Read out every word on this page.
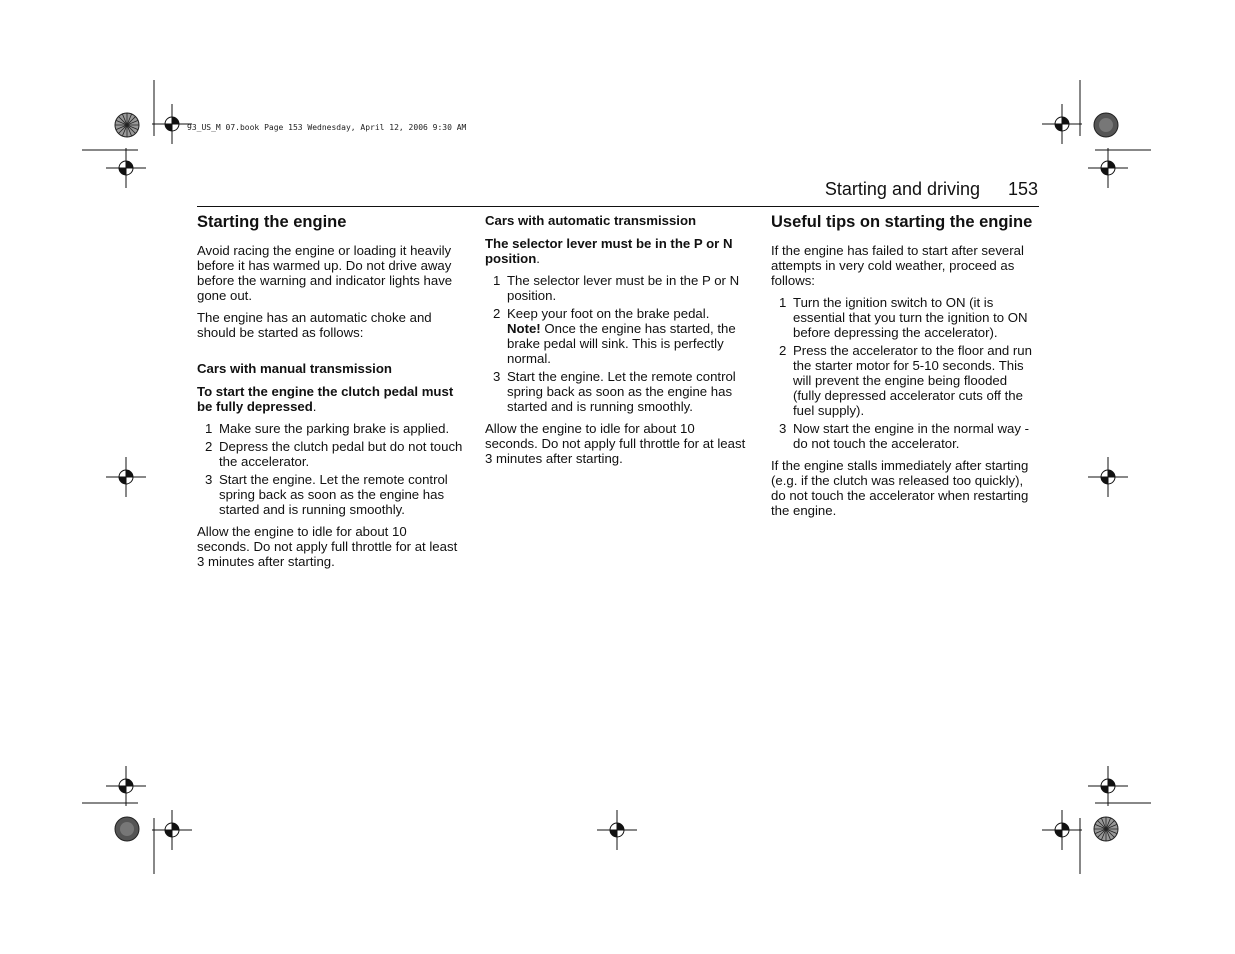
93_US_M 07.book Page 153 Wednesday, April 12, 2006 9:30 AM
Starting and driving 153
Starting the engine

Avoid racing the engine or loading it heavily before it has warmed up. Do not drive away before the warning and indicator lights have gone out.

The engine has an automatic choke and should be started as follows:

Cars with manual transmission

To start the engine the clutch pedal must be fully depressed.

1 Make sure the parking brake is applied.
2 Depress the clutch pedal but do not touch the accelerator.
3 Start the engine. Let the remote control spring back as soon as the engine has started and is running smoothly.

Allow the engine to idle for about 10 seconds. Do not apply full throttle for at least 3 minutes after starting.

Cars with automatic transmission

The selector lever must be in the P or N position.

1 The selector lever must be in the P or N position.
2 Keep your foot on the brake pedal.
Note! Once the engine has started, the brake pedal will sink. This is perfectly normal.
3 Start the engine. Let the remote control spring back as soon as the engine has started and is running smoothly.

Allow the engine to idle for about 10 seconds. Do not apply full throttle for at least 3 minutes after starting.

Useful tips on starting the engine

If the engine has failed to start after several attempts in very cold weather, proceed as follows:

1 Turn the ignition switch to ON (it is essential that you turn the ignition to ON before depressing the accelerator).
2 Press the accelerator to the floor and run the starter motor for 5-10 seconds. This will prevent the engine being flooded (fully depressed accelerator cuts off the fuel supply).
3 Now start the engine in the normal way - do not touch the accelerator.

If the engine stalls immediately after starting (e.g. if the clutch was released too quickly), do not touch the accelerator when restarting the engine.
